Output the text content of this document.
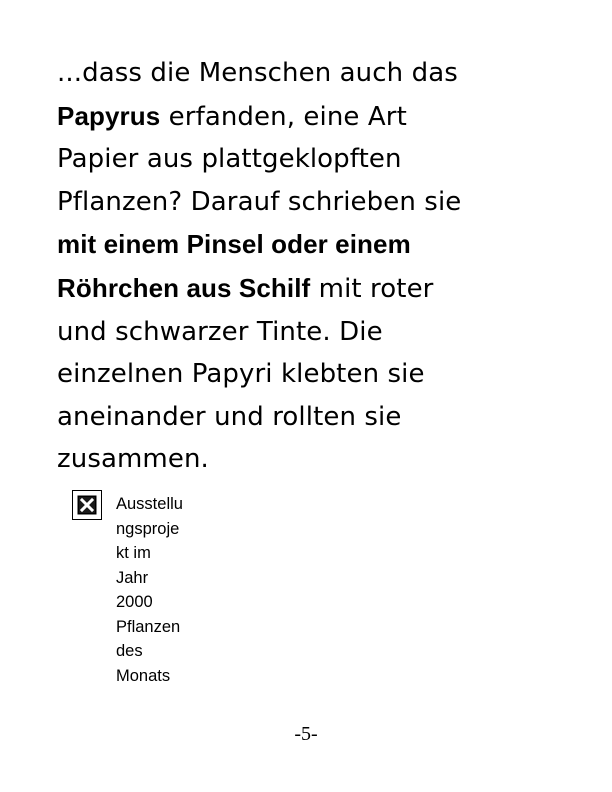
...dass die Menschen auch das
Papyrus erfanden, eine Art
Papier aus plattgeklopften
Pflanzen? Darauf schrieben sie
mit einem Pinsel oder einem
Röhrchen aus Schilf mit roter
und schwarzer Tinte. Die
einzelnen Papyri klebten sie
aneinander und rollten sie
zusammen.
Ausstellu
ngsproje
kt im
Jahr
2000
Pflanzen
des
Monats
-5-
